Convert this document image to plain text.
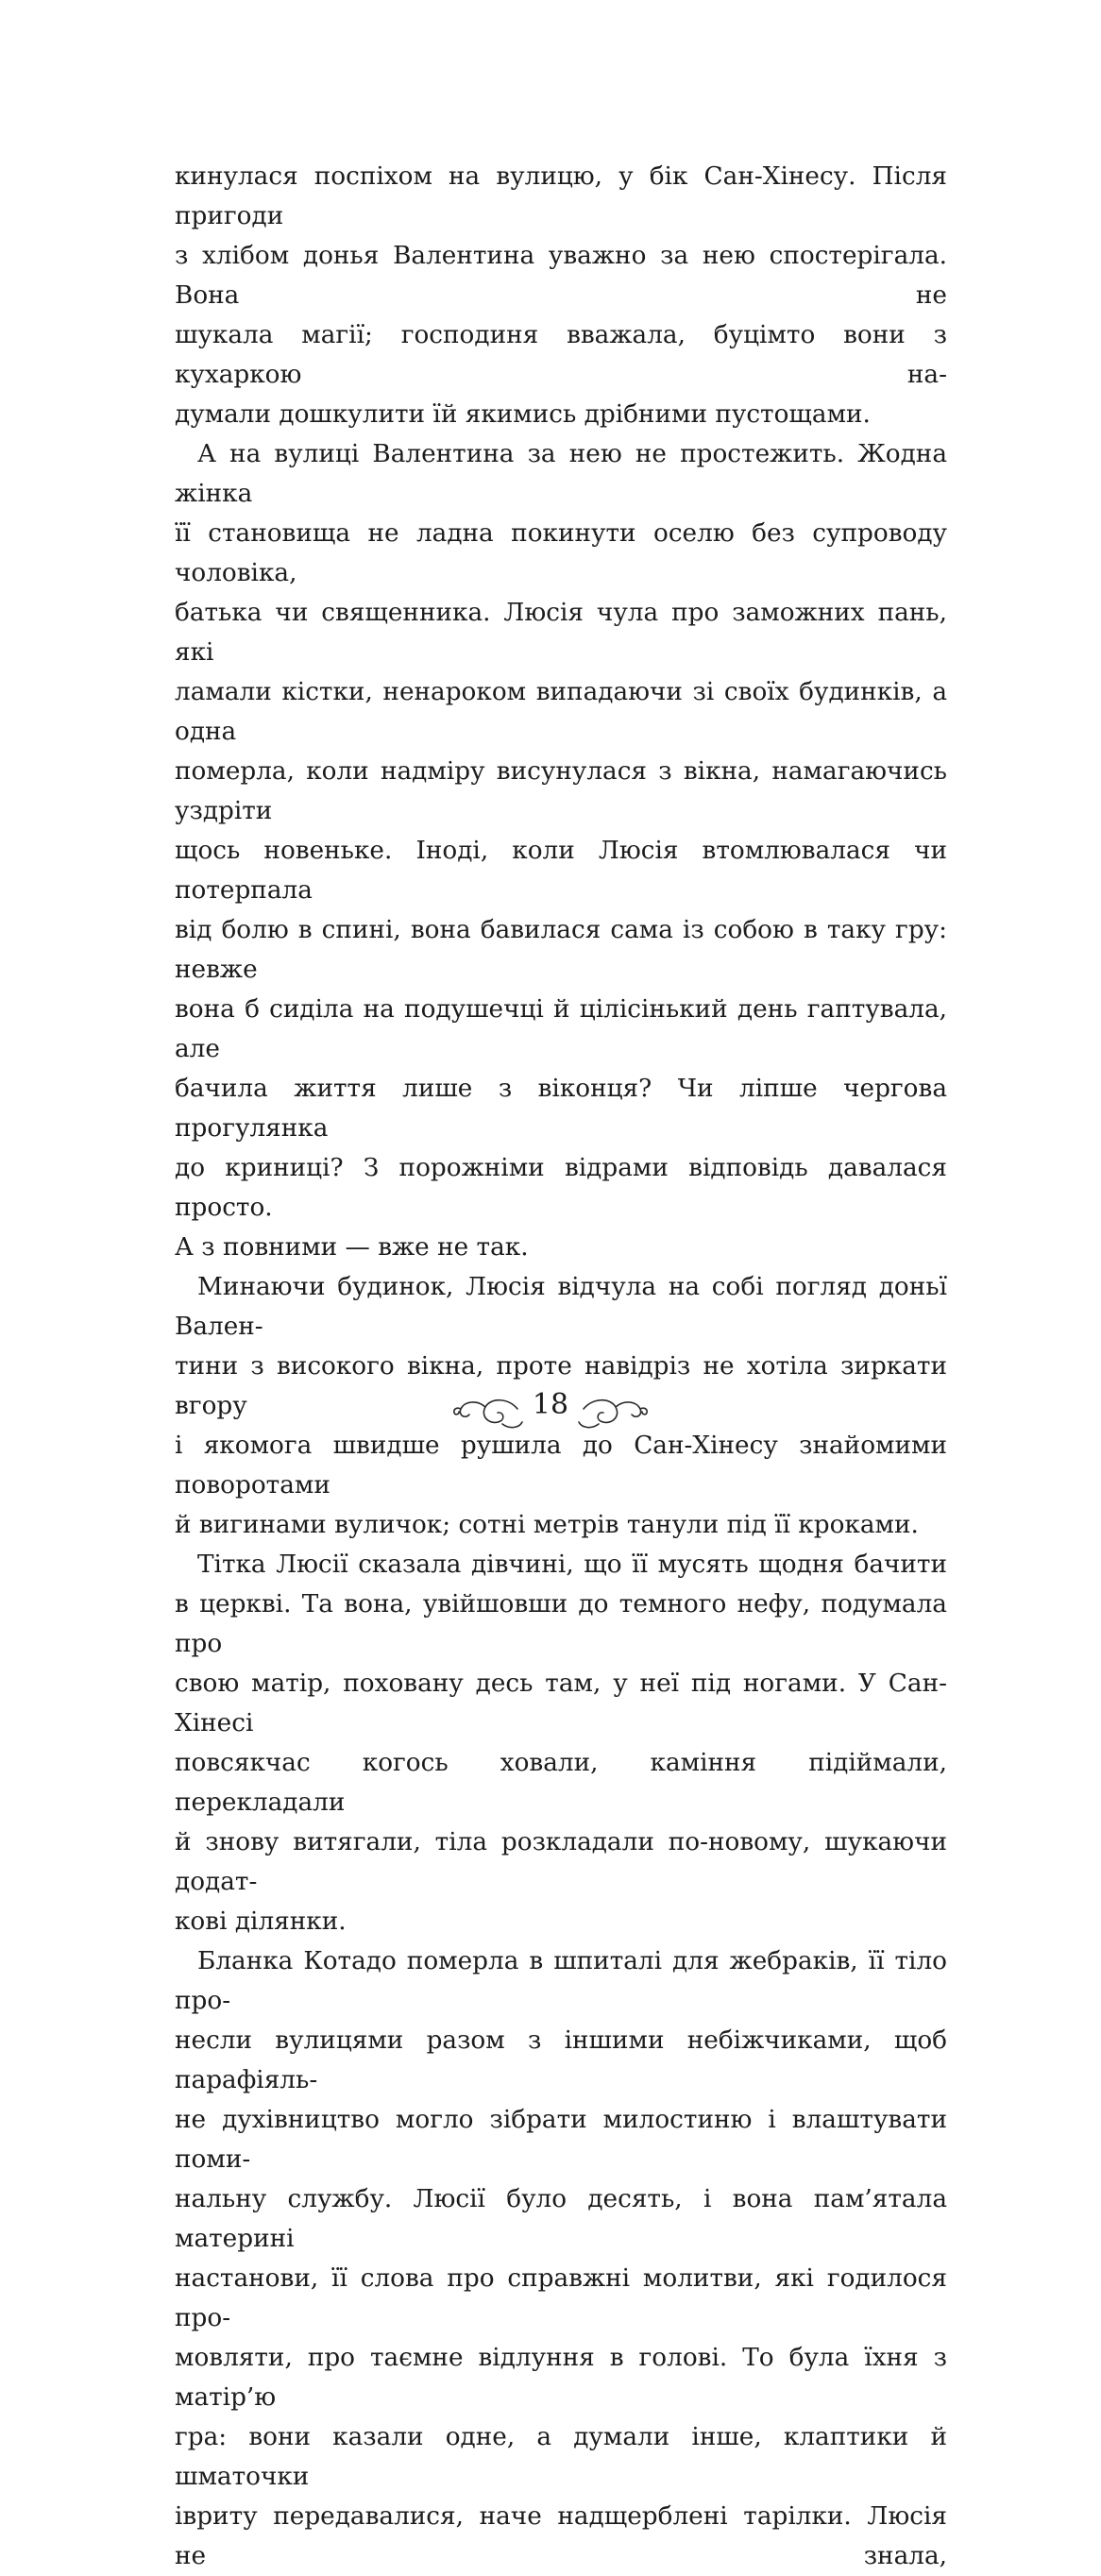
кинулася поспіхом на вулицю, у бік Сан-Хінесу. Після пригоди

з хлібом донья Валентина уважно за нею спостерігала. Вона не

шукала магії; господиня вважала, буцімто вони з кухаркою на-

думали дошкулити їй якимись дрібними пустощами.

А на вулиці Валентина за нею не простежить. Жодна жінка

її становища не ладна покинути оселю без супроводу чоловіка,

батька чи священника. Люсія чула про заможних пань, які

ламали кістки, ненароком випадаючи зі своїх будинків, а одна

померла, коли надміру висунулася з вікна, намагаючись уздріти

щось новеньке. Іноді, коли Люсія втомлювалася чи потерпала

від болю в спині, вона бавилася сама із собою в таку гру: невже

вона б сиділа на подушечці й цілісінький день гаптувала, але

бачила життя лише з віконця? Чи ліпше чергова прогулянка

до криниці? З порожніми відрами відповідь давалася просто.

А з повними — вже не так.

Минаючи будинок, Люсія відчула на собі погляд доньї Вален-

тини з високого вікна, проте навідріз не хотіла зиркати вгору

і якомога швидше рушила до Сан-Хінесу знайомими поворотами

й вигинами вуличок; сотні метрів танули під її кроками.

Тітка Люсії сказала дівчині, що її мусять щодня бачити

в церкві. Та вона, увійшовши до темного нефу, подумала про

свою матір, поховану десь там, у неї під ногами. У Сан-Хінесі

повсякчас когось ховали, каміння підіймали, перекладали

й знову витягали, тіла розкладали по-новому, шукаючи додат-

кові ділянки.

Бланка Котадо померла в шпиталі для жебраків, її тіло про-

несли вулицями разом з іншими небіжчиками, щоб парафіяль-

не духівництво могло зібрати милостиню і влаштувати поми-

нальну службу. Люсії було десять, і вона пам’ятала материні

настанови, її слова про справжні молитви, які годилося про-

мовляти, про таємне відлуння в голові. То була їхня з матір’ю

гра: вони казали одне, а думали інше, клаптики й шматочки

івриту передавалися, наче надщерблені тарілки. Люсія не знала,

18
